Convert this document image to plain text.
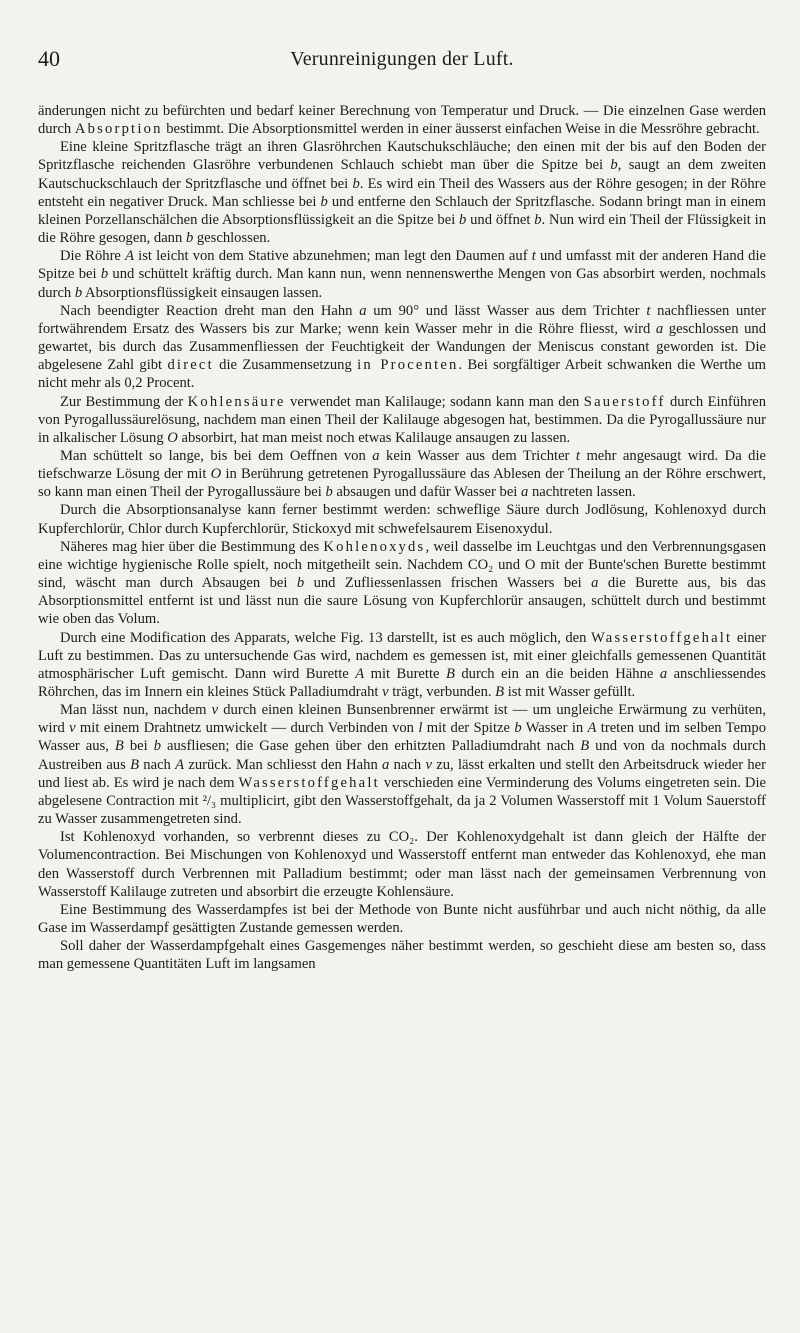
40	Verunreinigungen der Luft.

änderungen nicht zu befürchten und bedarf keiner Berechnung von Temperatur und Druck. — Die einzelnen Gase werden durch Absorption bestimmt. Die Absorptionsmittel werden in einer äusserst einfachen Weise in die Messröhre gebracht.

Eine kleine Spritzflasche trägt an ihren Glasröhrchen Kautschukschläuche; den einen mit der bis auf den Boden der Spritzflasche reichenden Glasröhre verbundenen Schlauch schiebt man über die Spitze bei b, saugt an dem zweiten Kautschuckschlauch der Spritzflasche und öffnet bei b. Es wird ein Theil des Wassers aus der Röhre gesogen; in der Röhre entsteht ein negativer Druck. Man schliesse bei b und entferne den Schlauch der Spritzflasche. Sodann bringt man in einem kleinen Porzellanschälchen die Absorptionsflüssigkeit an die Spitze bei b und öffnet b. Nun wird ein Theil der Flüssigkeit in die Röhre gesogen, dann b geschlossen.

Die Röhre A ist leicht von dem Stative abzunehmen; man legt den Daumen auf t und umfasst mit der anderen Hand die Spitze bei b und schüttelt kräftig durch. Man kann nun, wenn nennenswerthe Mengen von Gas absorbirt werden, nochmals durch b Absorptionsflüssigkeit einsaugen lassen.

Nach beendigter Reaction dreht man den Hahn a um 90° und lässt Wasser aus dem Trichter t nachfliessen unter fortwährendem Ersatz des Wassers bis zur Marke; wenn kein Wasser mehr in die Röhre fliesst, wird a geschlossen und gewartet, bis durch das Zusammenfliessen der Feuchtigkeit der Wandungen der Meniscus constant geworden ist. Die abgelesene Zahl gibt direct die Zusammensetzung in Procenten. Bei sorgfältiger Arbeit schwanken die Werthe um nicht mehr als 0,2 Procent.

Zur Bestimmung der Kohlensäure verwendet man Kalilauge; sodann kann man den Sauerstoff durch Einführen von Pyrogallussäurelösung, nachdem man einen Theil der Kalilauge abgesogen hat, bestimmen. Da die Pyrogallussäure nur in alkalischer Lösung O absorbirt, hat man meist noch etwas Kalilauge ansaugen zu lassen.

Man schüttelt so lange, bis bei dem Oeffnen von a kein Wasser aus dem Trichter t mehr angesaugt wird. Da die tiefschwarze Lösung der mit O in Berührung getretenen Pyrogallussäure das Ablesen der Theilung an der Röhre erschwert, so kann man einen Theil der Pyrogallussäure bei b absaugen und dafür Wasser bei a nachtreten lassen.

Durch die Absorptionsanalyse kann ferner bestimmt werden: schweflige Säure durch Jodlösung, Kohlenoxyd durch Kupferchlorür, Chlor durch Kupferchlorür, Stickoxyd mit schwefelsaurem Eisenoxydul.

Näheres mag hier über die Bestimmung des Kohlenoxyds, weil dasselbe im Leuchtgas und den Verbrennungsgasen eine wichtige hygienische Rolle spielt, noch mitgetheilt sein. Nachdem CO₂ und O mit der Bunte'schen Burette bestimmt sind, wäscht man durch Absaugen bei b und Zufliessenlassen frischen Wassers bei a die Burette aus, bis das Absorptionsmittel entfernt ist und lässt nun die saure Lösung von Kupferchlorür ansaugen, schüttelt durch und bestimmt wie oben das Volum.

Durch eine Modification des Apparats, welche Fig. 13 darstellt, ist es auch möglich, den Wasserstoffgehalt einer Luft zu bestimmen. Das zu untersuchende Gas wird, nachdem es gemessen ist, mit einer gleichfalls gemessenen Quantität atmosphärischer Luft gemischt. Dann wird Burette A mit Burette B durch ein an die beiden Hähne a anschliessendes Röhrchen, das im Innern ein kleines Stück Palladiumdraht v trägt, verbunden. B ist mit Wasser gefüllt.

Man lässt nun, nachdem v durch einen kleinen Bunsenbrenner erwärmt ist — um ungleiche Erwärmung zu verhüten, wird v mit einem Drahtnetz umwickelt — durch Verbinden von l mit der Spitze b Wasser in A treten und im selben Tempo Wasser aus, B bei b ausfliesen; die Gase gehen über den erhitzten Palladiumdraht nach B und von da nochmals durch Austreiben aus B nach A zurück. Man schliesst den Hahn a nach v zu, lässt erkalten und stellt den Arbeitsdruck wieder her und liest ab. Es wird je nach dem Wasserstoffgehalt verschieden eine Verminderung des Volums eingetreten sein. Die abgelesene Contraction mit ²/₃ multiplicirt, gibt den Wasserstoffgehalt, da ja 2 Volumen Wasserstoff mit 1 Volum Sauerstoff zu Wasser zusammengetreten sind.

Ist Kohlenoxyd vorhanden, so verbrennt dieses zu CO₂. Der Kohlenoxydgehalt ist dann gleich der Hälfte der Volumencontraction. Bei Mischungen von Kohlenoxyd und Wasserstoff entfernt man entweder das Kohlenoxyd, ehe man den Wasserstoff durch Verbrennen mit Palladium bestimmt; oder man lässt nach der gemeinsamen Verbrennung von Wasserstoff Kalilauge zutreten und absorbirt die erzeugte Kohlensäure.

Eine Bestimmung des Wasserdampfes ist bei der Methode von Bunte nicht ausführbar und auch nicht nöthig, da alle Gase im Wasserdampf gesättigten Zustande gemessen werden.

Soll daher der Wasserdampfgehalt eines Gasgemenges näher bestimmt werden, so geschieht diese am besten so, dass man gemessene Quantitäten Luft im langsamen
